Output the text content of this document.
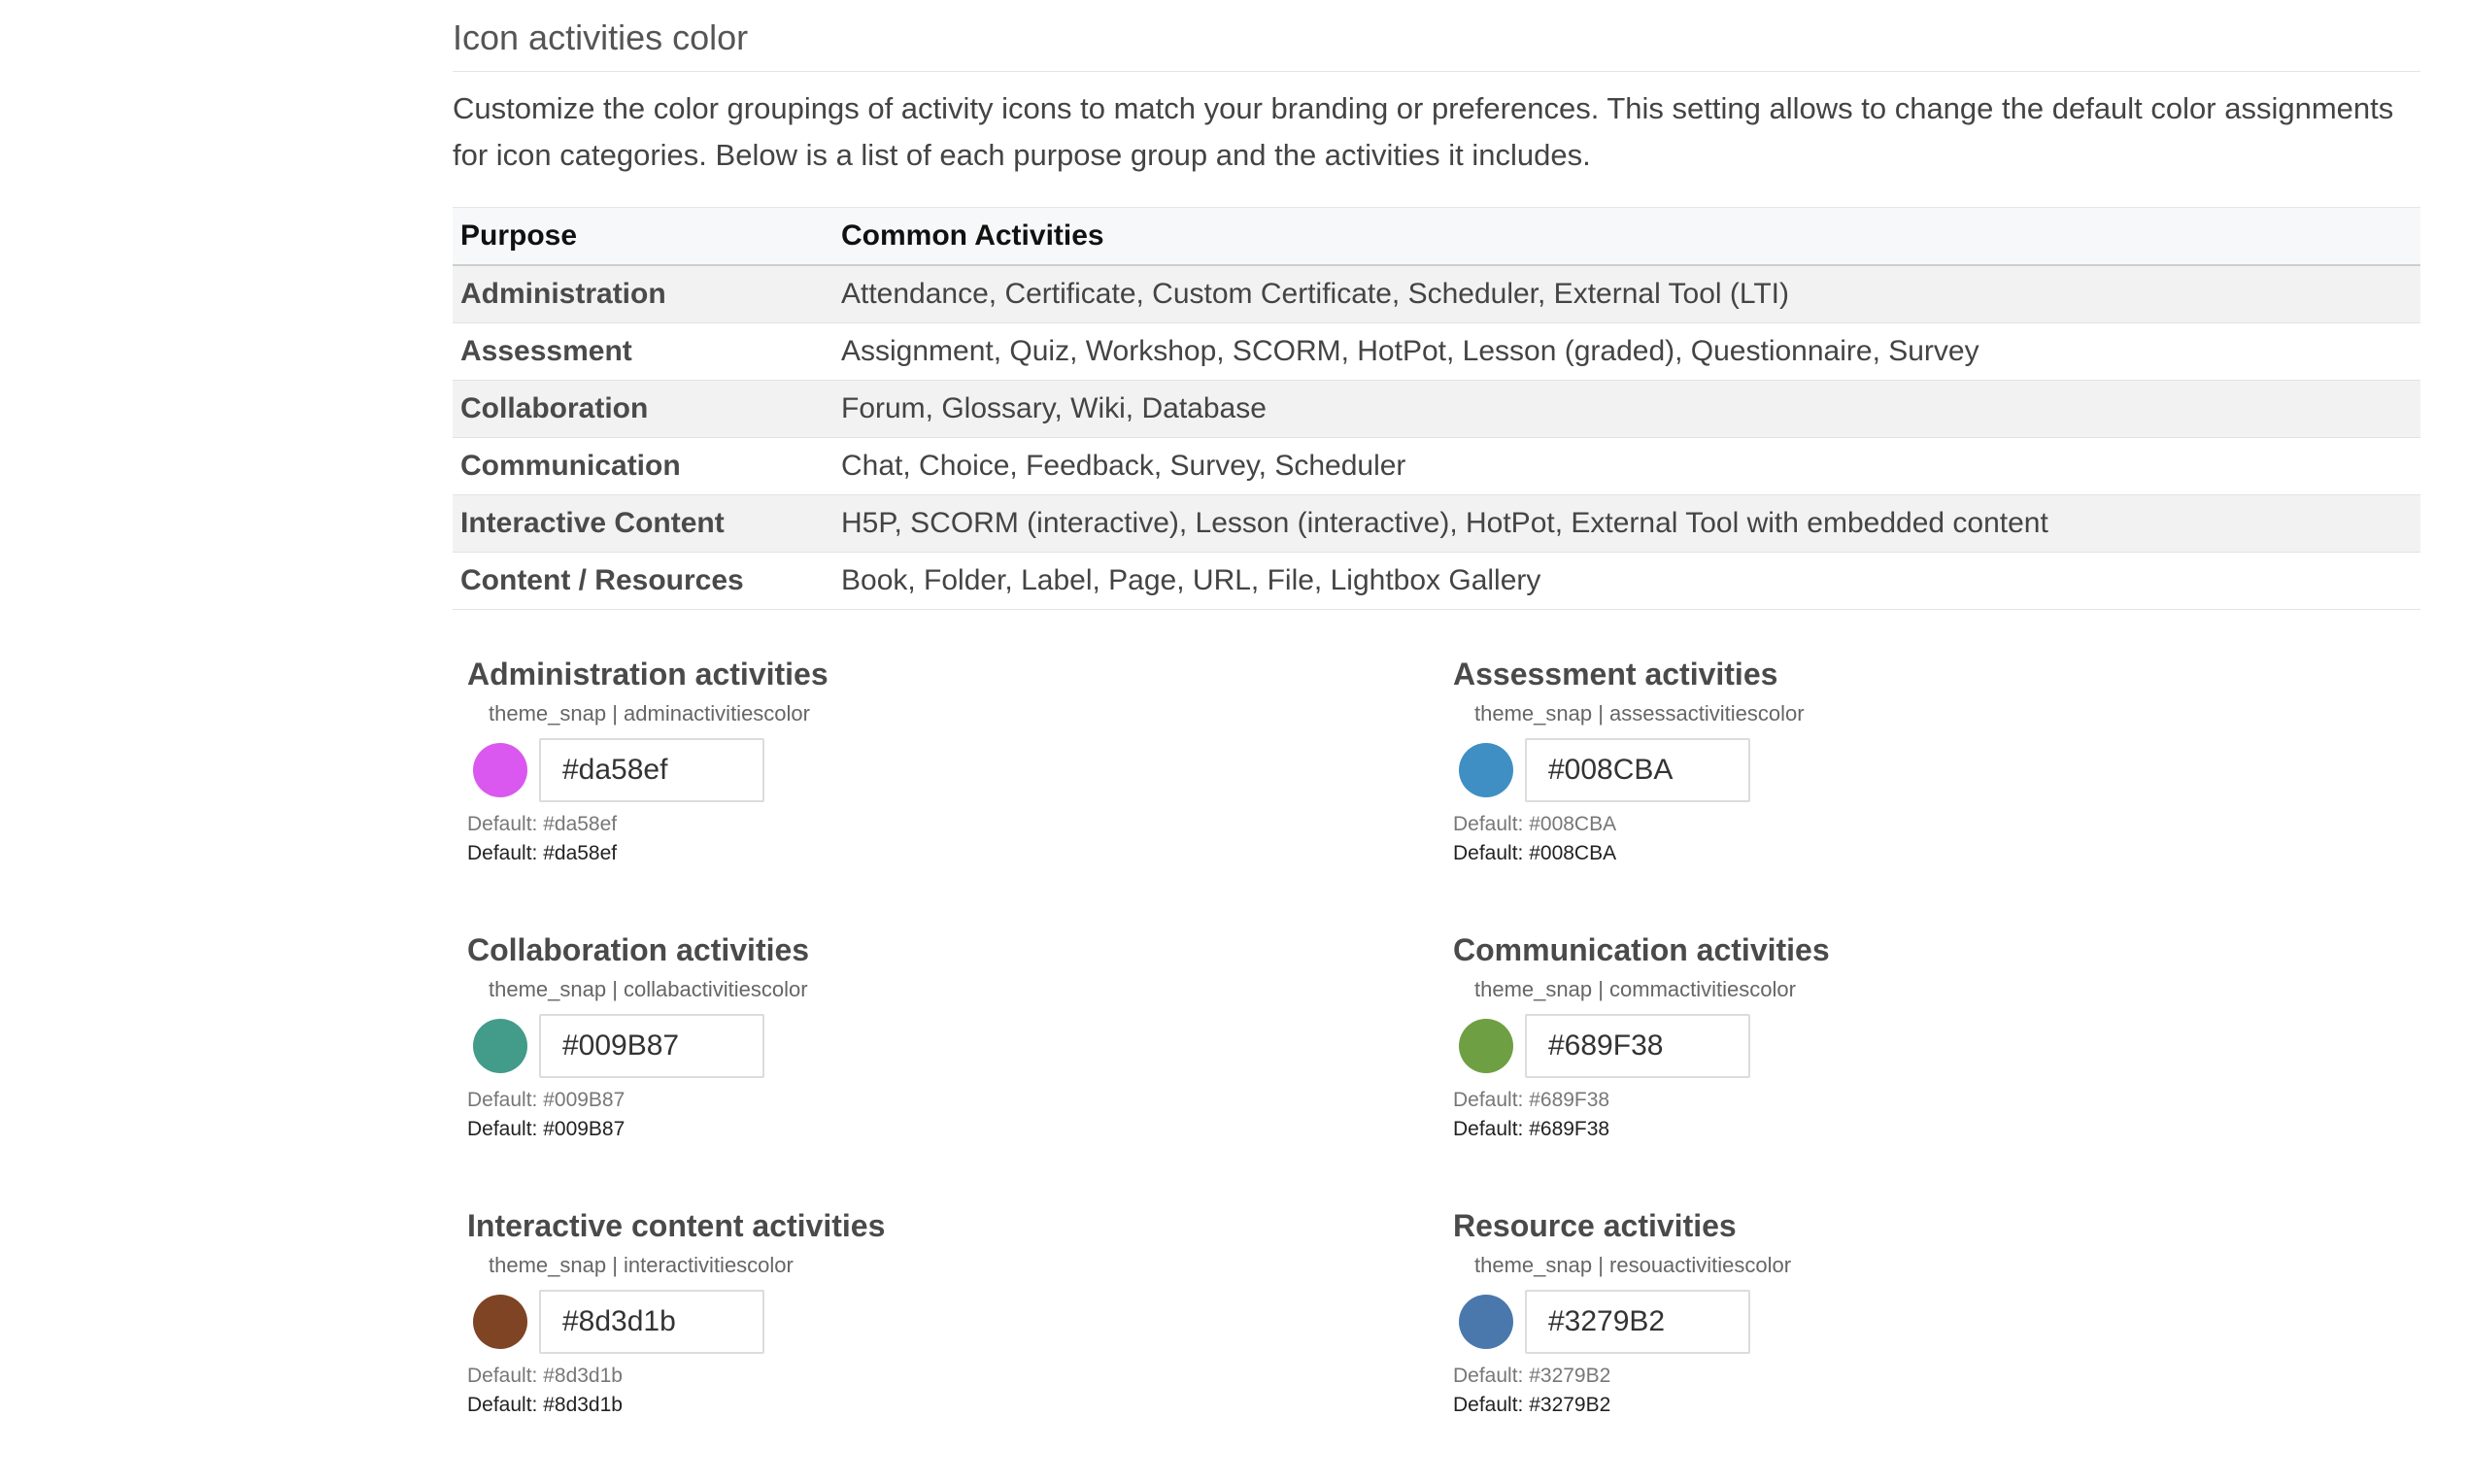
Icon activities color

Customize the color groupings of activity icons to match your branding or preferences. This setting allows to change the default color assignments for icon categories. Below is a list of each purpose group and the activities it includes.

Purpose	Common Activities
Administration	Attendance, Certificate, Custom Certificate, Scheduler, External Tool (LTI)
Assessment	Assignment, Quiz, Workshop, SCORM, HotPot, Lesson (graded), Questionnaire, Survey
Collaboration	Forum, Glossary, Wiki, Database
Communication	Chat, Choice, Feedback, Survey, Scheduler
Interactive Content	H5P, SCORM (interactive), Lesson (interactive), HotPot, External Tool with embedded content
Content / Resources	Book, Folder, Label, Page, URL, File, Lightbox Gallery
Administration activities
theme_snap | adminactivitiescolor
#da58ef
Default: #da58ef
Default: #da58ef
Assessment activities
theme_snap | assessactivitiescolor
#008CBA
Default: #008CBA
Default: #008CBA
Collaboration activities
theme_snap | collabactivitiescolor
#009B87
Default: #009B87
Default: #009B87
Communication activities
theme_snap | commactivitiescolor
#689F38
Default: #689F38
Default: #689F38
Interactive content activities
theme_snap | interactivitiescolor
#8d3d1b
Default: #8d3d1b
Default: #8d3d1b
Resource activities
theme_snap | resouactivitiescolor
#3279B2
Default: #3279B2
Default: #3279B2
